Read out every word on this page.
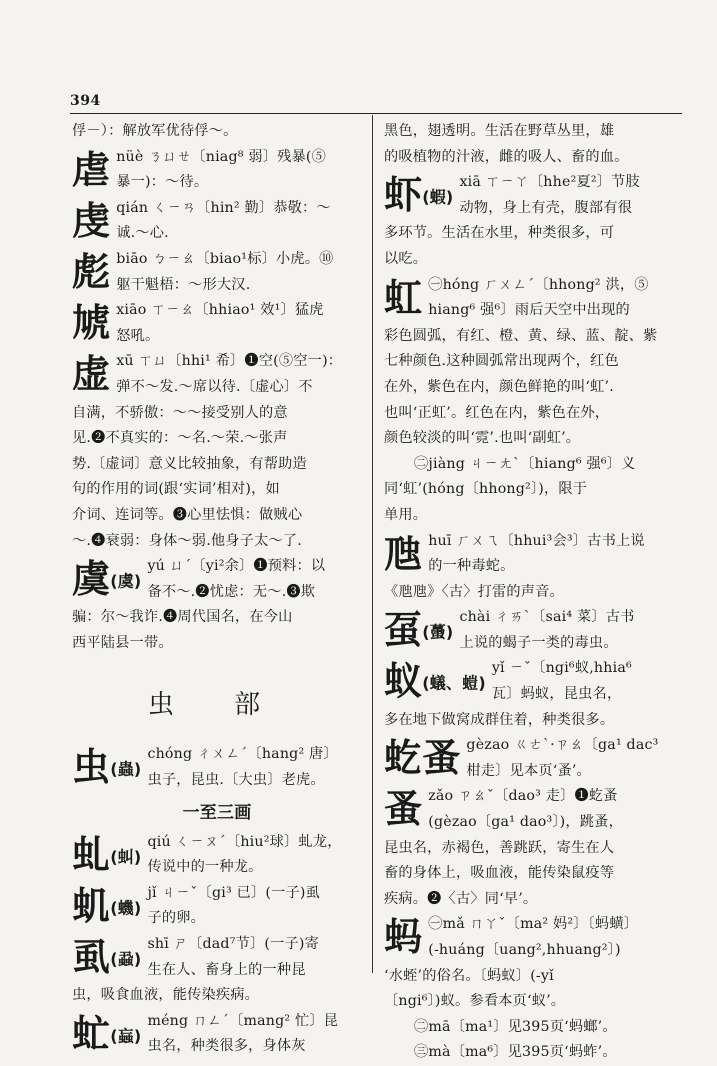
394
俘－）：解放军优待俘～。
虐 nüè ㄋㄩㄝ〔niag⁸ 弱〕残暴(⑤
暴一)：～待。
虔 qián ㄑㄧㄢ〔hin² 勤〕恭敬：～
诚.～心.
彪 biāo ㄅㄧㄠ〔biao¹标〕小虎。⑩
躯干魁梧：～形大汉.
虓 xiāo ㄒㄧㄠ〔hhiao¹ 效¹〕猛虎
怒吼。
虚 xū ㄒㄩ〔hhi¹ 希〕❶空(⑤空一)：
弹不～发.～席以待.〔虚心〕不
自满，不骄傲：～～接受别人的意
见.❷不真实的：～名.～荣.～张声
势.〔虚词〕意义比较抽象，有帮助造
句的作用的词(跟‘实词’相对)，如
介词、连词等。❸心里怯惧：做贼心
～.❹衰弱：身体～弱.他身子太～了.
虞(虞)
yú ㄩˊ〔yi²余〕❶预料：以
备不～.❷忧虑：无～.❸欺
骗：尔～我诈.❹周代国名，在今山
西平陆县一带。
虫 部
虫(蟲)
chóng ㄔㄨㄥˊ〔hang² 唐〕
虫子，昆虫.〔大虫〕老虎。
一至三画
虬(虯)
qiú ㄑㄧㄡˊ〔hiu²球〕虬龙，
传说中的一种龙。
虮(蟣)
jǐ ㄐㄧˇ〔gi³ 已〕(一子)虱
子的卵。
虱(蝨)
shī ㄕ〔dad⁷节〕(一子)寄
生在人、畜身上的一种昆
虫，吸食血液，能传染疾病。
虻(蝱)
méng ㄇㄥˊ〔mang² 忙〕昆
虫名，种类很多，身体灰
黑色，翅透明。生活在野草丛里，雄
的吸植物的汁液，雌的吸人、畜的血。
虾(蝦)
xiā ㄒㄧㄚ〔hhe²夏²〕节肢
动物，身上有壳，腹部有很
多环节。生活在水里，种类很多，可
以吃。
虹 ㊀hóng ㄏㄨㄥˊ〔hhong² 洪，⑤
hiang⁶ 强⁶〕雨后天空中出现的
彩色圆弧，有红、橙、黄、绿、蓝、靛、紫
七种颜色.这种圆弧常出现两个，红色
在外，紫色在内，颜色鲜艳的叫‘虹’.
也叫‘正虹’。红色在内，紫色在外，
颜色较淡的叫‘霓’.也叫‘副虹’。
㊁jiàng ㄐㄧㄤˋ〔hiang⁶ 强⁶〕义
同‘虹’(hóng〔hhong²〕)，限于
单用。
虺 huī ㄏㄨㄟ〔hhui³会³〕古书上说
的一种毒蛇。
《虺虺》〈古〉打雷的声音。
虿(蠆)
chài ㄔㄞˋ〔sai⁴ 菜〕古书
上说的蝎子一类的毒虫。
蚁(蟻、螘)
yǐ ㄧˇ〔ngi⁶蚁,hhia⁶
瓦〕蚂蚁，昆虫名，
多在地下做窝成群住着，种类很多。
虼蚤 gèzao ㄍㄜˋ·ㄗㄠ〔ga¹ dac³
柑走〕见本页‘蚤’。
蚤 zǎo ㄗㄠˇ〔dao³ 走〕❶虼蚤
(gèzao〔ga¹ dao³〕)，跳蚤，
昆虫名，赤褐色，善跳跃，寄生在人
畜的身体上，吸血液，能传染鼠疫等
疾病。❷〈古〉同‘早’。
蚂 ㊀mǎ ㄇㄚˇ〔ma² 妈²〕〔蚂蟥〕
(-huáng〔uang²,hhuang²〕)
‘水蛭’的俗名。〔蚂蚁〕(-yǐ
〔ngi⁶〕)蚁。参看本页‘蚁’。
㊁mā〔ma¹〕见395页‘蚂螂’。
㊂mà〔ma⁶〕见395页‘蚂蚱’。
